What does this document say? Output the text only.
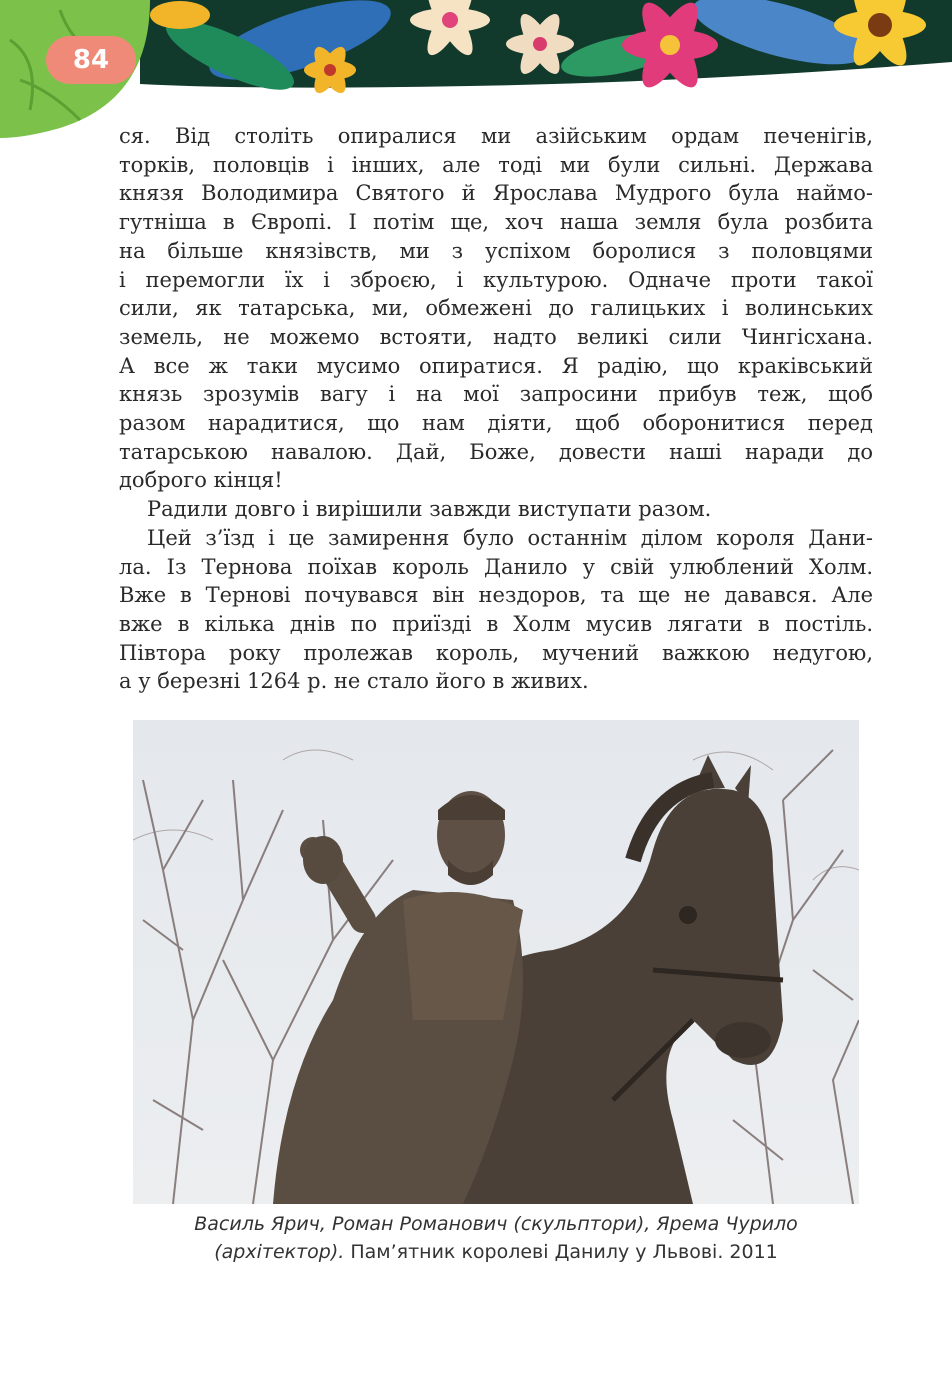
84

ся. Від століть опиралися ми азійським ордам печенігів,

торків, половців і інших, але тоді ми були сильні. Держава

князя Володимира Святого й Ярослава Мудрого була наймо-

гутніша в Європі. І потім ще, хоч наша земля була розбита

на більше князівств, ми з успіхом боролися з половцями

і перемогли їх і зброєю, і культурою. Одначе проти такої

сили, як татарська, ми, обмежені до галицьких і волинських

земель, не можемо встояти, надто великі сили Чингісхана.

А все ж таки мусимо опиратися. Я радію, що краківський

князь зрозумів вагу і на мої запросини прибув теж, щоб

разом нарадитися, що нам діяти, щоб оборонитися перед

татарською навалою. Дай, Боже, довести наші наради до

доброго кінця!

Радили довго і вирішили завжди виступати разом.

Цей з’їзд і це замирення було останнім ділом короля Дани-

ла. Із Тернова поїхав король Данило у свій улюблений Холм.

Вже в Тернові почувався він нездоров, та ще не давався. Але

вже в кілька днів по приїзді в Холм мусив лягати в постіль.

Півтора року пролежав король, мучений важкою недугою,

а у березні 1264 р. не стало його в живих.

Василь Ярич, Роман Романович (скульптори), Ярема Чурило
(архітектор). Пам’ятник королеві Данилу у Львові. 2011
